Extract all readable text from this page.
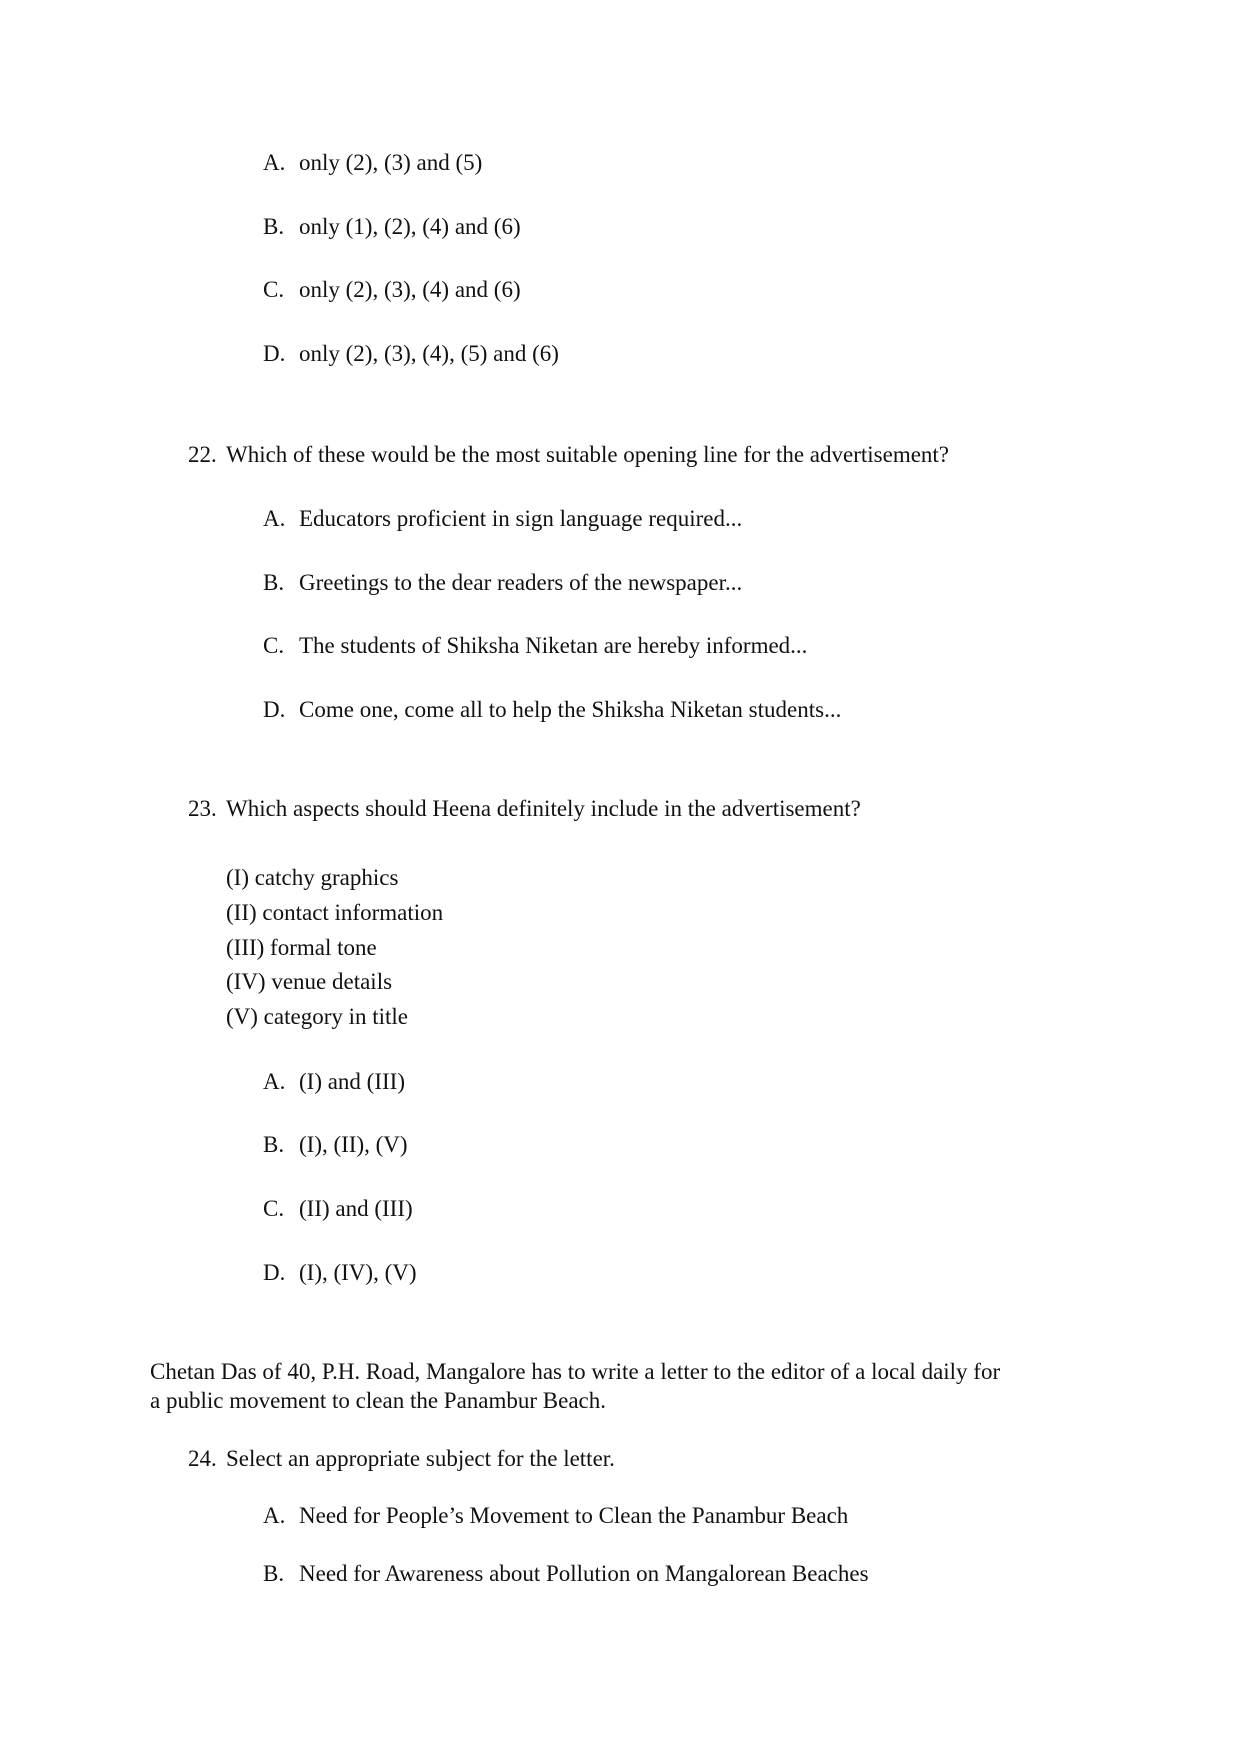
A. only (2), (3) and (5)
B. only (1), (2), (4) and (6)
C. only (2), (3), (4) and (6)
D. only (2), (3), (4), (5) and (6)
22. Which of these would be the most suitable opening line for the advertisement?
A. Educators proficient in sign language required...
B. Greetings to the dear readers of the newspaper...
C. The students of Shiksha Niketan are hereby informed...
D. Come one, come all to help the Shiksha Niketan students...
23. Which aspects should Heena definitely include in the advertisement?
(I) catchy graphics
(II) contact information
(III) formal tone
(IV) venue details
(V) category in title
A. (I) and (III)
B. (I), (II), (V)
C. (II) and (III)
D. (I), (IV), (V)
Chetan Das of 40, P.H. Road, Mangalore has to write a letter to the editor of a local daily for
a public movement to clean the Panambur Beach.
24. Select an appropriate subject for the letter.
A. Need for People’s Movement to Clean the Panambur Beach
B. Need for Awareness about Pollution on Mangalorean Beaches
